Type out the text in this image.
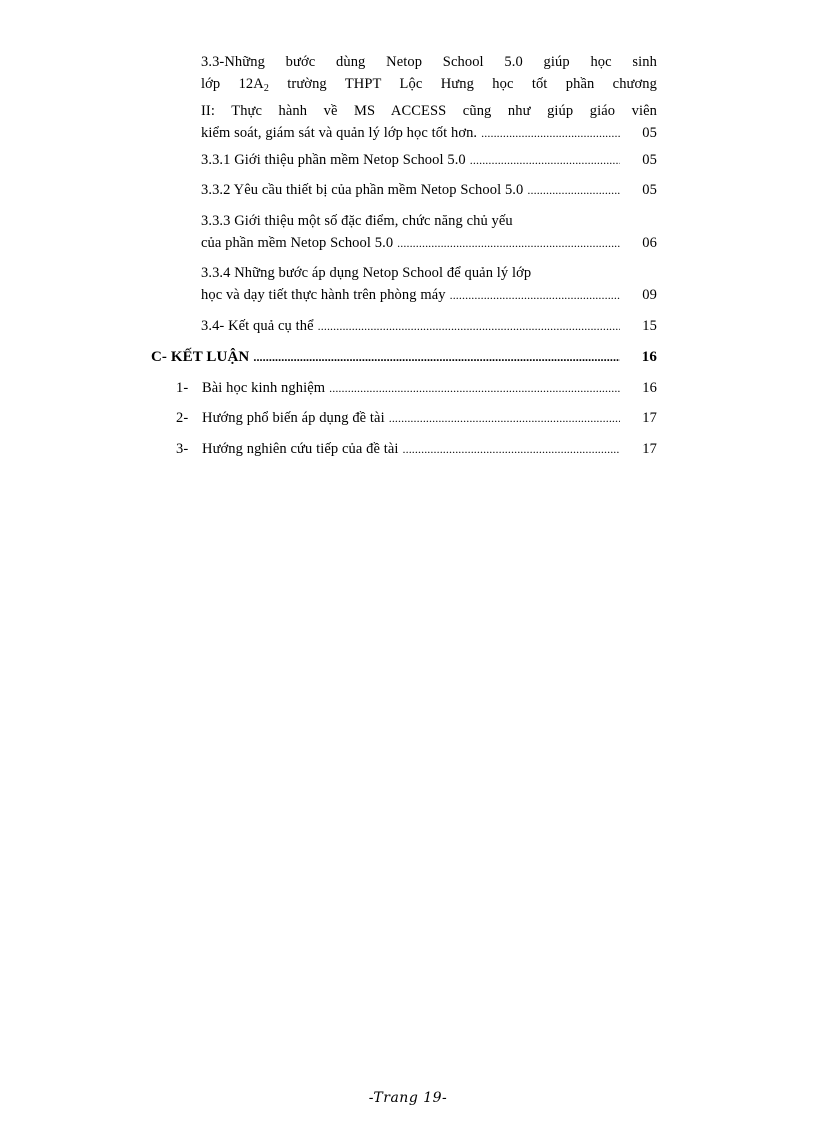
3.3-Những bước dùng Netop School 5.0 giúp học sinh
lớp $12A_2$ trường THPT Lộc Hưng học tốt phần chương
II: Thực hành về MS ACCESS cũng như giúp giáo viên
kiểm soát, giám sát và quản lý lớp học tốt hơn. .....	05
3.3.1 Giới thiệu phần mềm Netop School 5.0 .....	05
3.3.2 Yêu cầu thiết bị của phần mềm Netop School 5.0 .....	05
3.3.3 Giới thiệu một số đặc điểm, chức năng chủ yếu
của phần mềm Netop School 5.0 .....	06
3.3.4 Những bước áp dụng Netop School để quản lý lớp
học và dạy tiết thực hành trên phòng máy .....	09
3.4- Kết quả cụ thể .....	15
C- KẾT LUẬN .....	16
1- Bài học kinh nghiệm .....	16
2- Hướng phổ biến áp dụng đề tài .....	17
3- Hướng nghiên cứu tiếp của đề tài .....	17
-Trang 19-
